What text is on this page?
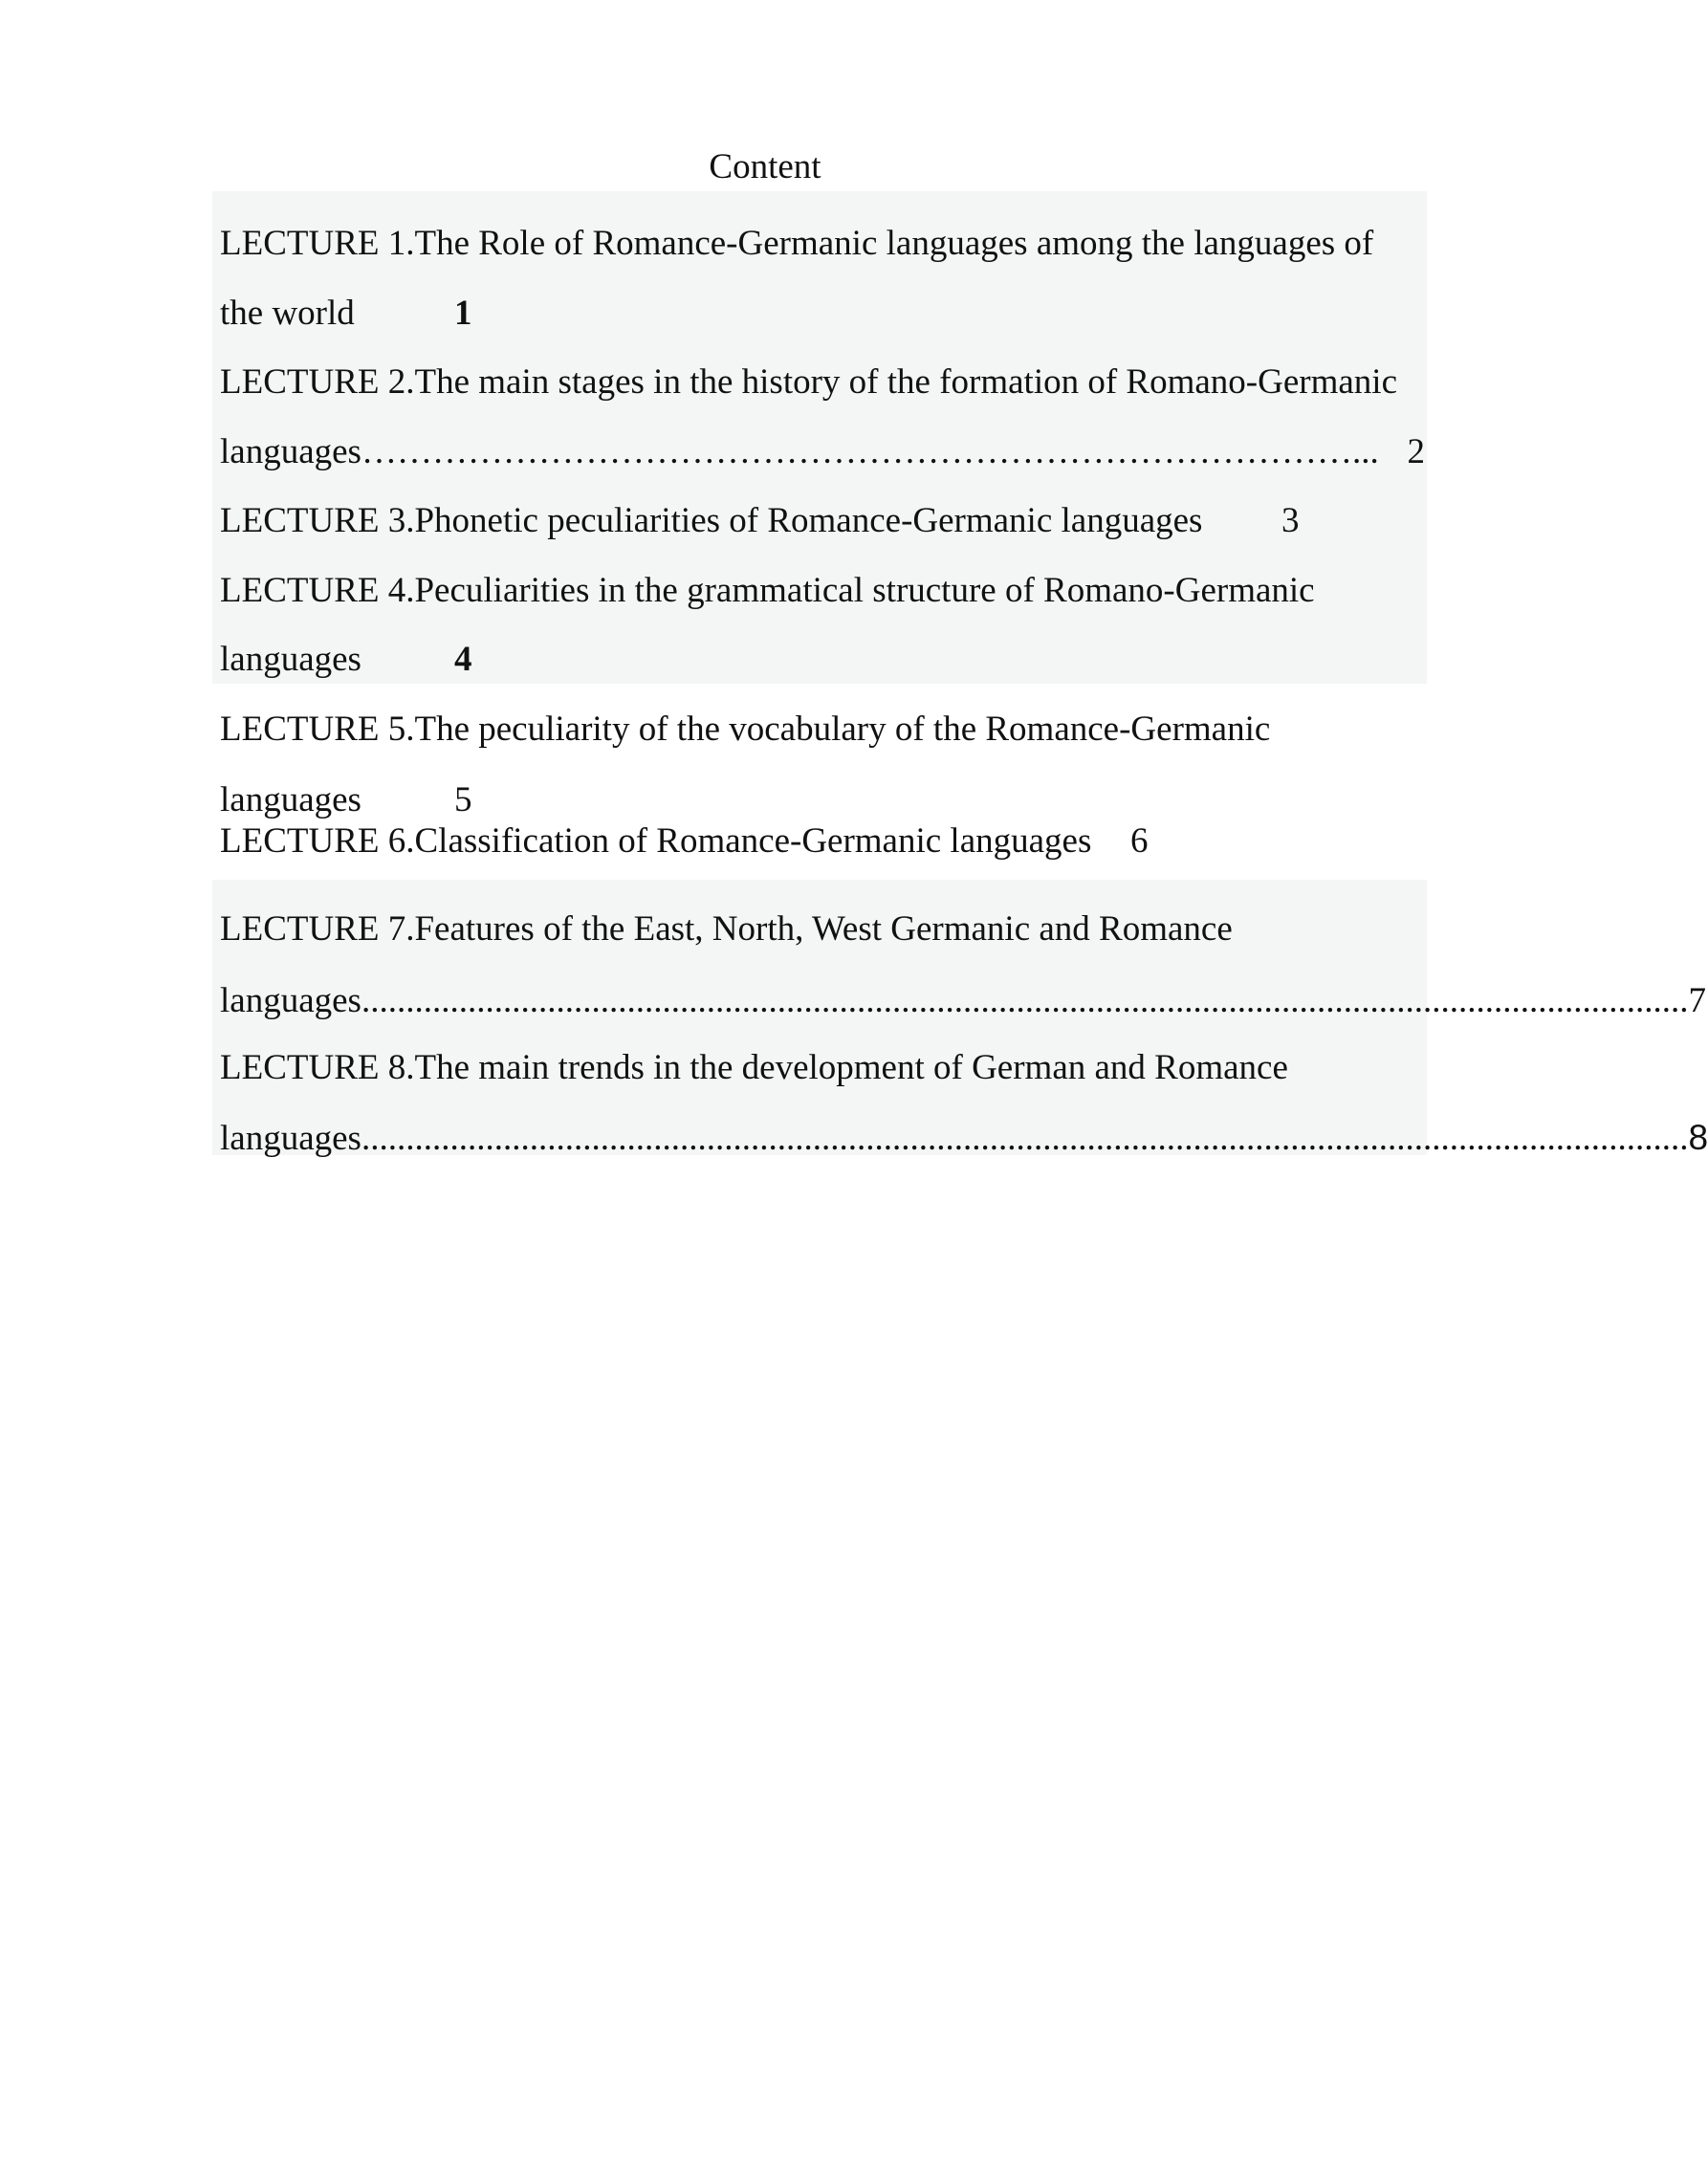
Content
LECTURE 1.The Role of Romance-Germanic languages among the languages of
the world	1
LECTURE 2.The main stages in the history of the formation of Romano-Germanic
languages …………………………………………………………………………... 2
LECTURE 3.Phonetic peculiarities of Romance-Germanic languages 3
LECTURE 4.Peculiarities in the grammatical structure of Romano-Germanic
languages	4
LECTURE 5.The peculiarity of the vocabulary of the Romance-Germanic
languages	5
LECTURE 6.Classification of Romance-Germanic languages 6
LECTURE 7.Features of the East, North, West Germanic and Romance
languages ...................................................................................................................................................... 7
LECTURE 8.The main trends in the development of German and Romance
languages ...................................................................................................................................................... 8
